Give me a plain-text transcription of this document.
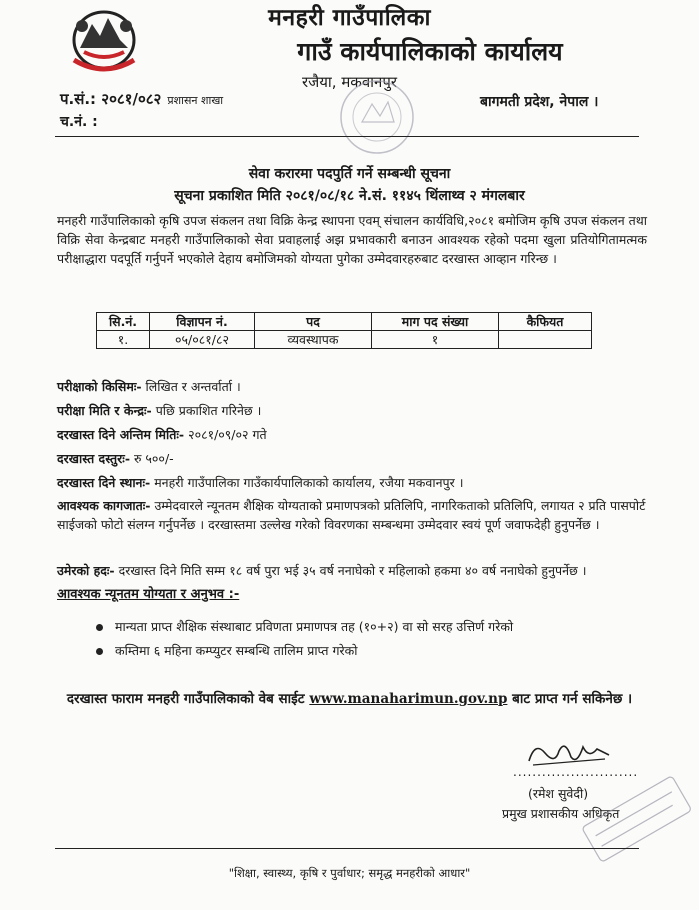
मनहरी गाउँपालिका
गाउँ कार्यपालिकाको कार्यालय
रजैया, मकवानपुर
प.सं.: २०८१/०८२ प्रशासन शाखा
च.नं. :
बागमती प्रदेश, नेपाल ।
सेवा करारमा पदपुर्ति गर्ने सम्बन्धी सूचना
सूचना प्रकाशित मिति २०८१/०८/१८ ने.सं. ११४५ थिंलाथ्व २ मंगलबार
मनहरी गाउँपालिकाको कृषि उपज संकलन तथा विक्रि केन्द्र स्थापना एवम् संचालन कार्यविधि,२०८१ बमोजिम कृषि उपज संकलन तथा विक्रि सेवा केन्द्रबाट मनहरी गाउँपालिकाको सेवा प्रवाहलाई अझ प्रभावकारी बनाउन आवश्यक रहेको पदमा खुला प्रतियोगितामत्मक परीक्षाद्धारा पदपूर्ति गर्नुपर्ने भएकोले देहाय बमोजिमको योग्यता पुगेका उम्मेदवारहरुबाट दरखास्त आव्हान गरिन्छ ।
सि.नं.	विज्ञापन नं.	पद	माग पद संख्या	कैफियत
१.	०५/०८१/८२	व्यवस्थापक	१	
परीक्षाको किसिमः- लिखित र अन्तर्वार्ता ।
परीक्षा मिति र केन्द्रः- पछि प्रकाशित गरिनेछ ।
दरखास्त दिने अन्तिम मितिः- २०८१/०९/०२ गते
दरखास्त दस्तुरः- रु ५००/-
दरखास्त दिने स्थानः- मनहरी गाउँपालिका गाउँकार्यपालिकाको कार्यालय, रजैया मकवानपुर ।
आवश्यक कागजातः- उम्मेदवारले न्यूनतम शैक्षिक योग्यताको प्रमाणपत्रको प्रतिलिपि, नागरिकताको प्रतिलिपि, लगायत २ प्रति पासपोर्ट साईजको फोटो संलग्न गर्नुपर्नेछ । दरखास्तमा उल्लेख गरेको विवरणका सम्बन्धमा उम्मेदवार स्वयं पूर्ण जवाफदेही हुनुपर्नेछ ।
उमेरको हदः- दरखास्त दिने मिति सम्म १८ वर्ष पुरा भई ३५ वर्ष ननाघेको र महिलाको हकमा ४० वर्ष ननाघेको हुनुपर्नेछ ।
आवश्यक न्यूनतम योग्यता र अनुभव :-
मान्यता प्राप्त शैक्षिक संस्थाबाट प्रविणता प्रमाणपत्र तह (१०+२) वा सो सरह उत्तिर्ण गरेको
कम्तिमा ६ महिना कम्प्युटर सम्बन्धि तालिम प्राप्त गरेको
दरखास्त फाराम मनहरी गाउँपालिकाको वेब साईट www.manaharimun.gov.np बाट प्राप्त गर्न सकिनेछ ।
..........................
(रमेश सुवेदी)
प्रमुख प्रशासकीय अधिकृत
"शिक्षा, स्वास्थ्य, कृषि र पुर्वाधार; समृद्ध मनहरीको आधार"
